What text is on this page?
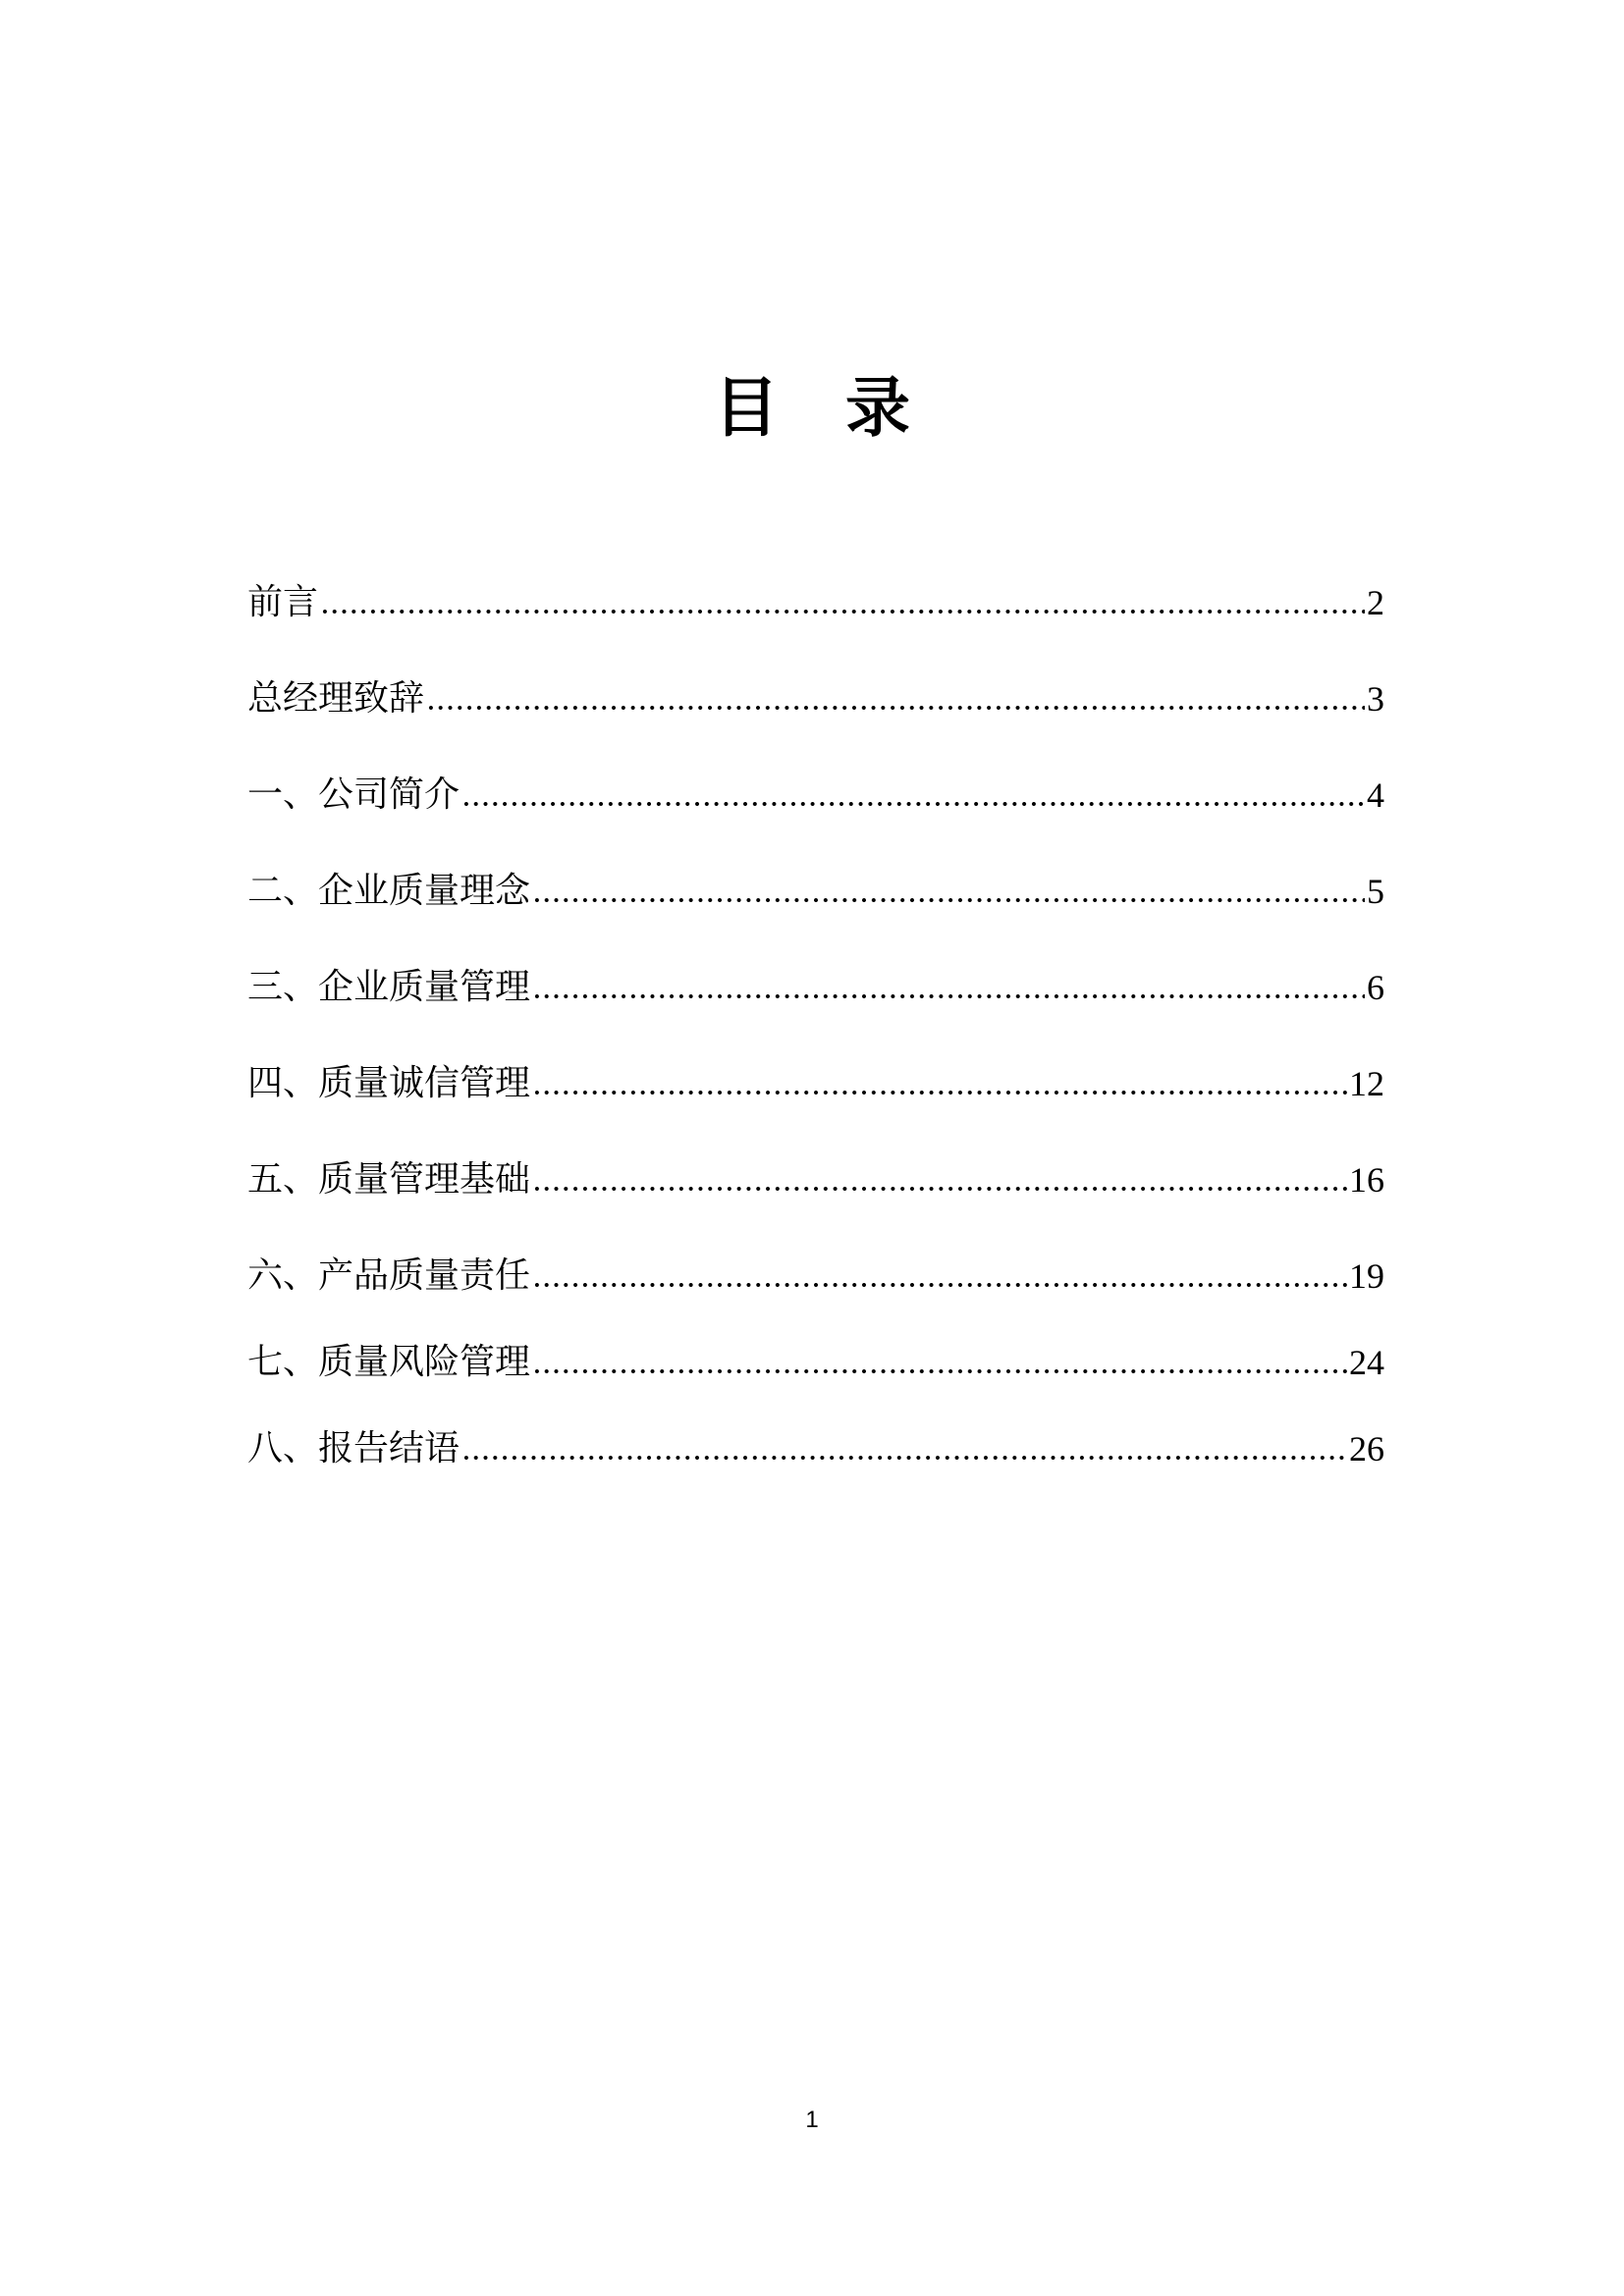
目 录
前言	2
总经理致辞	3
一、公司简介	4
二、企业质量理念	5
三、企业质量管理	6
四、质量诚信管理	12
五、质量管理基础	16
六、产品质量责任	19
七、质量风险管理	24
八、报告结语	26
1
